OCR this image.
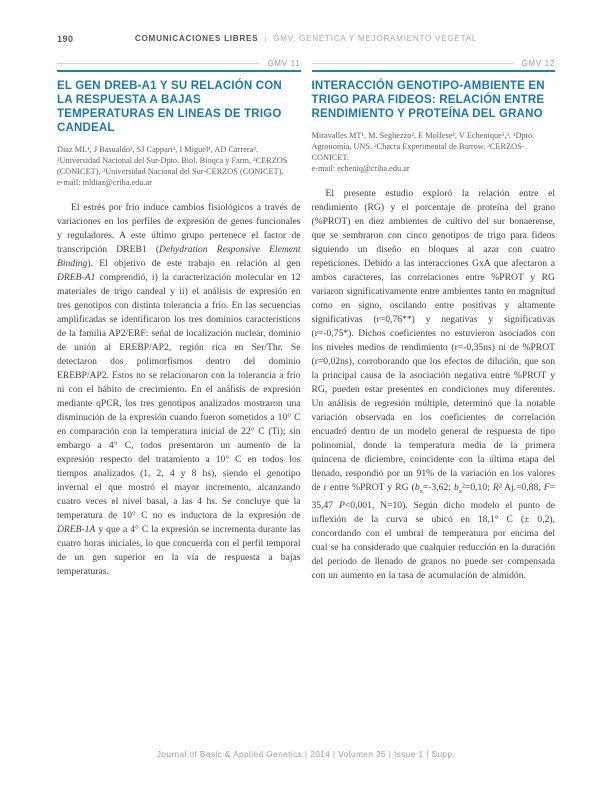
190	COMUNICACIONES LIBRES | GMV. GENÉTICA Y MEJORAMIENTO VEGETAL
GMV 11
EL GEN DREB-A1 Y SU RELACIÓN CON LA RESPUESTA A BAJAS TEMPERATURAS EN LINEAS DE TRIGO CANDEAL
Diaz ML¹, J Basualdo², SJ Cappari², I Miguel¹, AD Carrera³. ¹Universidad Nacional del Sur-Dpto. Biol. Bioqca y Farm, ²CERZOS (CONICET), ³Universidad Nacional del Sur-CERZOS (CONICET).
e-mail: mldiaz@criba.edu.ar

El estrés por frío induce cambios fisiológicos a través de variaciones en los perfiles de expresión de genes funcionales y reguladores. A este último grupo pertenece el factor de transcripción DREB1 (Dehydration Responsive Element Binding). El objetivo de este trabajo en relación al gen DREB-A1 comprendió, i) la caracterización molecular en 12 materiales de trigo candeal y ii) el análisis de expresión en tres genotipos con distinta tolerancia a frío. En las secuencias amplificadas se identificaron los tres dominios característicos de la familia AP2/ERF: señal de localización nuclear, dominio de unión al EREBP/AP2, región rica en Ser/Thr. Se detectaron dos polimorfismos dentro del dominio EREBP/AP2. Estos no se relacionaron con la tolerancia a frío ni con el hábito de crecimiento. En el análisis de expresión mediante qPCR, los tres genotipos analizados mostraron una disminución de la expresión cuando fueron sometidos a 10° C en comparación con la temperatura inicial de 22° C (Ti); sin embargo a 4° C, todos presentaron un aumento de la expresión respecto del tratamiento a 10° C en todos los tiempos analizados (1, 2, 4 y 8 hs), siendo el genotipo invernal el que mostró el mayor incremento, alcanzando cuatro veces el nivel basal, a las 4 hs. Se concluye que la temperatura de 10° C no es inductora de la expresión de DREB-1A y que a 4° C la expresión se incrementa durante las cuatro horas iniciales, lo que concuerda con el perfil temporal de un gen superior en la vía de respuesta a bajas temperaturas.

GMV 12
INTERACCIÓN GENOTIPO-AMBIENTE EN TRIGO PARA FIDEOS: RELACIÓN ENTRE RENDIMIENTO Y PROTEÍNA DEL GRANO
Miravalles MT¹, M. Seghezzo², E Molfese², V Echenique¹,³. ¹Dpto. Agronomía, UNS. ²Chacra Experimental de Barrow. ³CERZOS-CONICET.
e-mail: echeniq@criba.edu.ar

El presente estudio exploró la relación entre el rendimiento (RG) y el porcentaje de proteína del grano (%PROT) en diez ambientes de cultivo del sur bonaerense, que se sembraron con cinco genotipos de trigo para fideos siguiendo un diseño en bloques al azar con cuatro repeticiones. Debido a las interacciones GxA que afectaron a ambos caracteres, las correlaciones entre %PROT y RG variaron significativamente entre ambientes tanto en magnitud como en signo, oscilando entre positivas y altamente significativas (r=0,76**) y negativas y significativas (r=-0,75*). Dichos coeficientes no estuvieron asociados con los niveles medios de rendimiento (r=-0,35ns) ni de %PROT (r=0,02ns), corroborando que los efectos de dilución, que son la principal causa de la asociación negativa entre %PROT y RG, pueden estar presentes en condiciones muy diferentes. Un análisis de regresión múltiple, determinó que la notable variación observada en los coeficientes de correlación encuadró dentro de un modelo general de respuesta de tipo polinomial, donde la temperatura media de la primera quincena de diciembre, coincidente con la última etapa del llenado, respondió por un 91% de la variación en los valores de r entre %PROT y RG ($b_x=-3,62$; $b_x^2=0,10$; R² Aj.=0,88, F= 35,47 P<0,001, N=10). Según dicho modelo el punto de inflexión de la curva se ubicó en 18,1° C (± 0,2), concordando con el umbral de temperatura por encima del cual se ha considerado que cualquier reducción en la duración del período de llenado de granos no puede ser compensada con un aumento en la tasa de acumulación de almidón.

Journal of Basic & Applied Genetics | 2014 | Volumen 25 | Issue 1 | Supp.
